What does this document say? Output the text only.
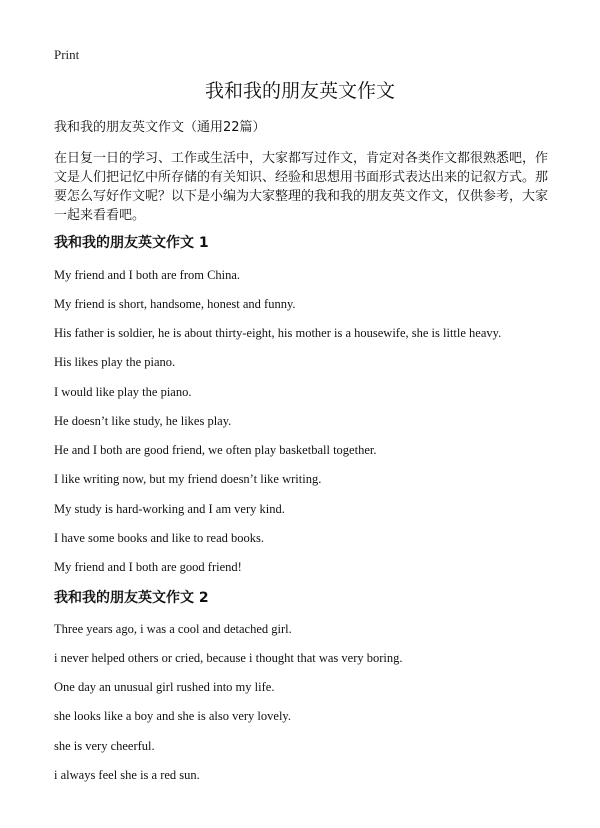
Print
我和我的朋友英文作文
我和我的朋友英文作文（通用22篇）

在日复一日的学习、工作或生活中，大家都写过作文，肯定对各类作文都很熟悉吧，作文是人们把记忆中所存储的有关知识、经验和思想用书面形式表达出来的记叙方式。那要怎么写好作文呢？以下是小编为大家整理的我和我的朋友英文作文，仅供参考，大家一起来看看吧。

我和我的朋友英文作文 1

My friend and I both are from China.

My friend is short, handsome, honest and funny.

His father is soldier, he is about thirty-eight, his mother is a housewife, she is little heavy.

His likes play the piano.

I would like play the piano.

He doesn’t like study, he likes play.

He and I both are good friend, we often play basketball together.

I like writing now, but my friend doesn’t like writing.

My study is hard-working and I am very kind.

I have some books and like to read books.

My friend and I both are good friend!

我和我的朋友英文作文 2

Three years ago, i was a cool and detached girl.

i never helped others or cried, because i thought that was very boring.

One day an unusual girl rushed into my life.

she looks like a boy and she is also very lovely.

she is very cheerful.

i always feel she is a red sun.
